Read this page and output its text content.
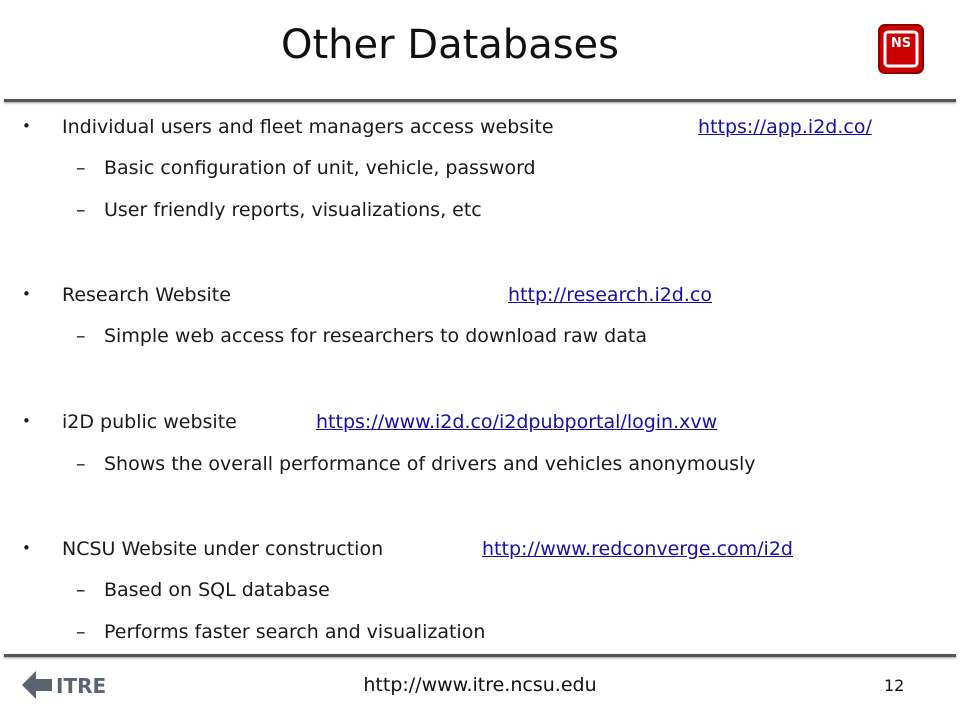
Other Databases	NS
• Individual users and fleet managers access website	https://app.i2d.co/
– Basic configuration of unit, vehicle, password
– User friendly reports, visualizations, etc
• Research Website	http://research.i2d.co
– Simple web access for researchers to download raw data
• i2D public website	https://www.i2d.co/i2dpubportal/login.xvw
– Shows the overall performance of drivers and vehicles anonymously
• NCSU Website under construction	http://www.redconverge.com/i2d
– Based on SQL database
– Performs faster search and visualization
ITRE	http://www.itre.ncsu.edu	12
